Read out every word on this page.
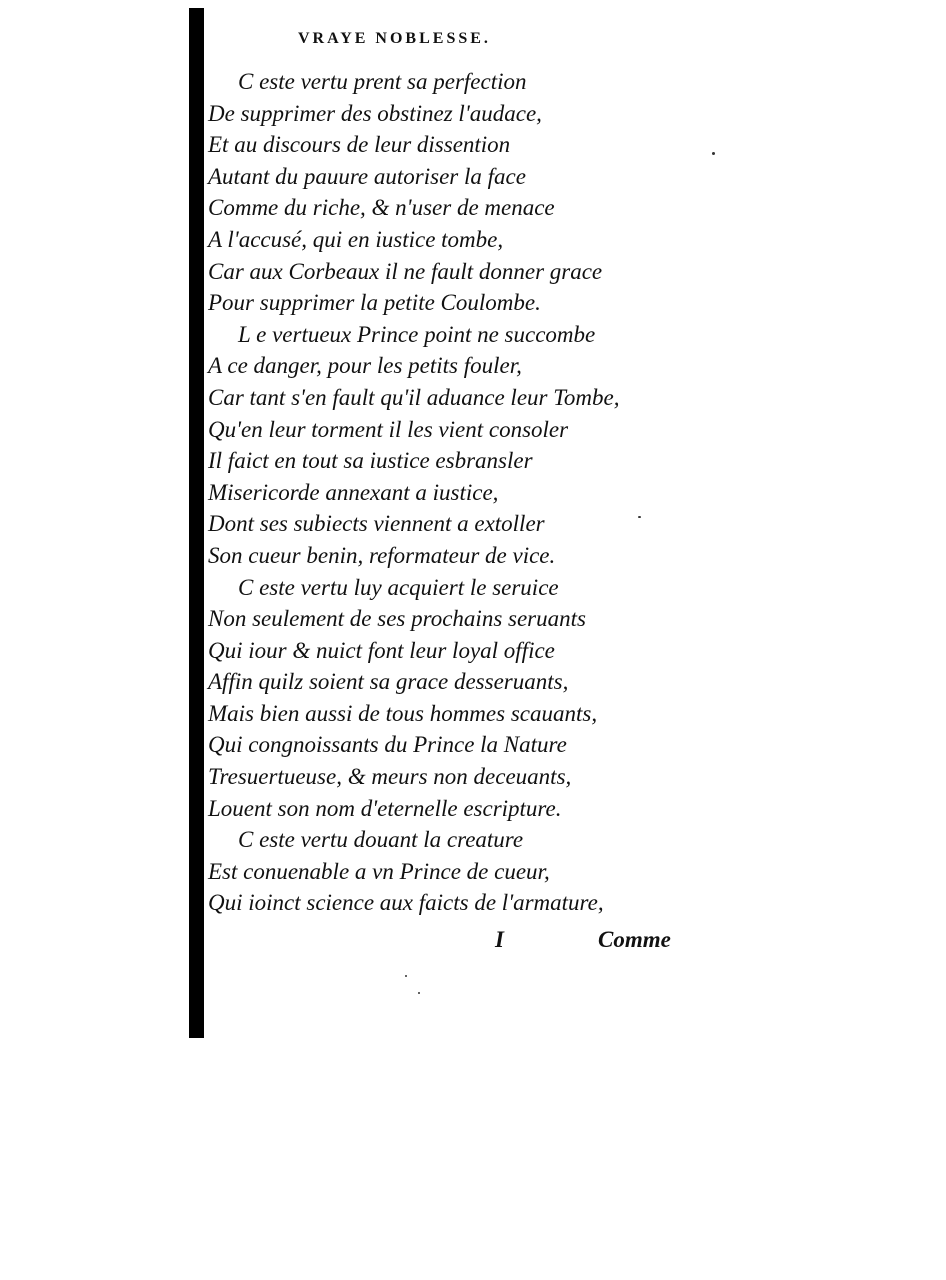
VRAYE NOBLESSE.
C este vertu prent sa perfection
De supprimer des obstinez l'audace,
Et au discours de leur dissention
Autant du pauure autoriser la face
Comme du riche, & n'user de menace
A l'accusé, qui en iustice tombe,
Car aux Corbeaux il ne fault donner grace
Pour supprimer la petite Coulombe.
L e vertueux Prince point ne succombe
A ce danger, pour les petits fouler,
Car tant s'en fault qu'il aduance leur Tombe,
Qu'en leur torment il les vient consoler
Il faict en tout sa iustice esbransler
Misericorde annexant a iustice,
Dont ses subiects viennent a extoller
Son cueur benin, reformateur de vice.
C este vertu luy acquiert le seruice
Non seulement de ses prochains seruants
Qui iour & nuict font leur loyal office
Affin quilz soient sa grace desseruants,
Mais bien aussi de tous hommes scauants,
Qui congnoissants du Prince la Nature
Tresuertueuse, & meurs non deceuants,
Louent son nom d'eternelle escripture.
C este vertu douant la creature
Est conuenable a vn Prince de cueur,
Qui ioinct science aux faicts de l'armature,
I	Comme
